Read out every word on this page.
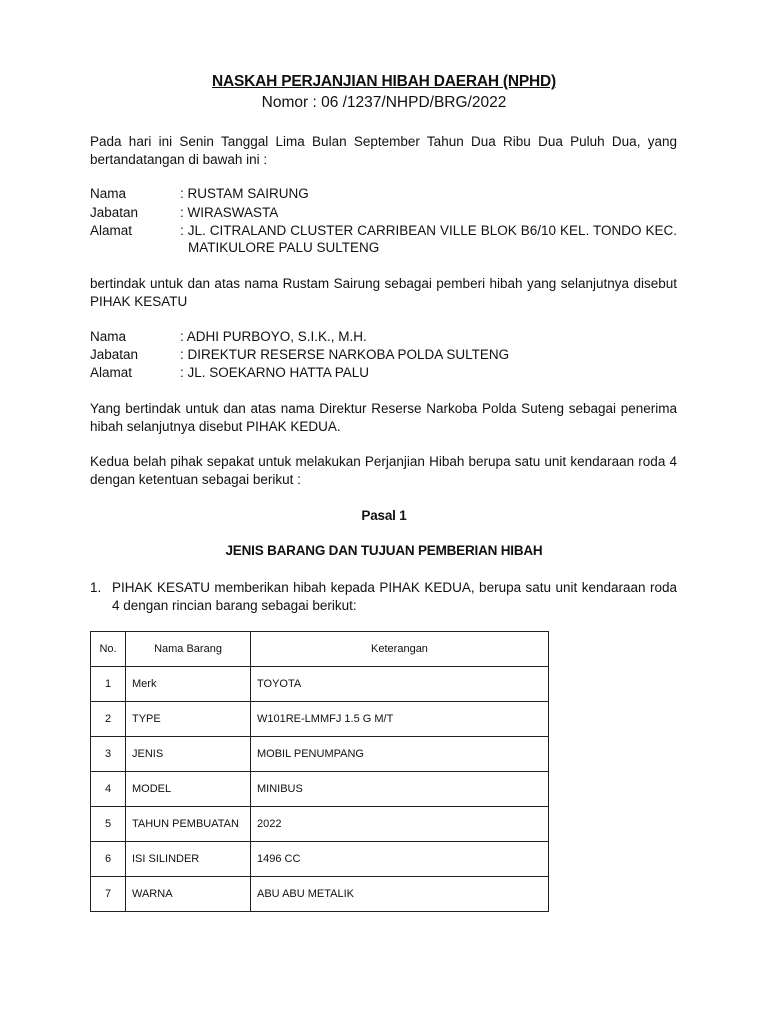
NASKAH PERJANJIAN HIBAH DAERAH (NPHD)
Nomor : 06 /1237/NHPD/BRG/2022
Pada hari ini Senin Tanggal Lima Bulan September Tahun Dua Ribu Dua Puluh Dua, yang bertandatangan di bawah ini :
Nama	: RUSTAM SAIRUNG
Jabatan	: WIRASWASTA
Alamat	: JL. CITRALAND CLUSTER CARRIBEAN VILLE BLOK B6/10 KEL. TONDO KEC.
MATIKULORE PALU SULTENG
bertindak untuk dan atas nama Rustam Sairung sebagai pemberi hibah yang selanjutnya disebut PIHAK KESATU
Nama	: ADHI PURBOYO, S.I.K., M.H.
Jabatan	: DIREKTUR RESERSE NARKOBA POLDA SULTENG
Alamat	: JL. SOEKARNO HATTA PALU
Yang bertindak untuk dan atas nama Direktur Reserse Narkoba Polda Suteng sebagai penerima hibah selanjutnya disebut PIHAK KEDUA.
Kedua belah pihak sepakat untuk melakukan Perjanjian Hibah berupa satu unit kendaraan roda 4 dengan ketentuan sebagai berikut :
Pasal 1
JENIS BARANG DAN TUJUAN PEMBERIAN HIBAH
1. PIHAK KESATU memberikan hibah kepada PIHAK KEDUA, berupa satu unit kendaraan roda 4 dengan rincian barang sebagai berikut:
No.	Nama Barang	Keterangan
1	Merk	TOYOTA
2	TYPE	W101RE-LMMFJ 1.5 G M/T
3	JENIS	MOBIL PENUMPANG
4	MODEL	MINIBUS
5	TAHUN PEMBUATAN	2022
6	ISI SILINDER	1496 CC
7	WARNA	ABU ABU METALIK
